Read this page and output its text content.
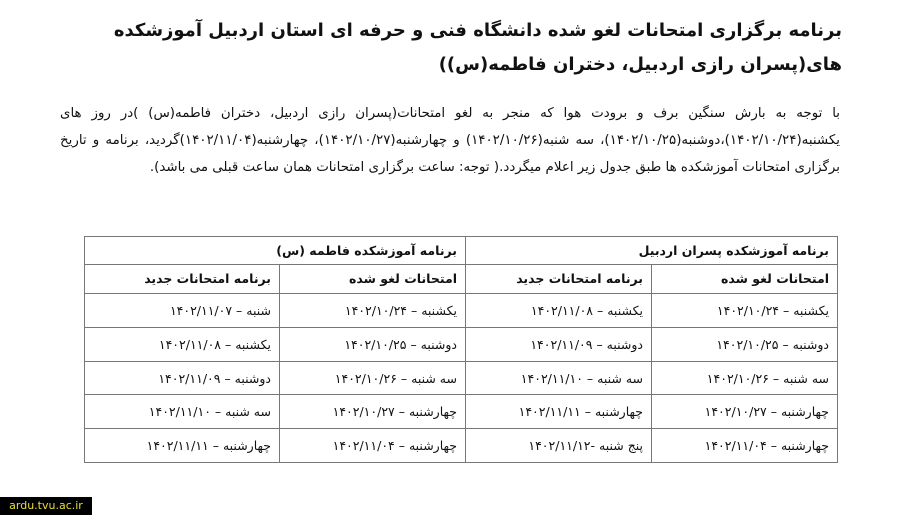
برنامه برگزاری امتحانات لغو شده دانشگاه فنی و حرفه ای استان اردبیل آموزشکده های(پسران رازی اردبیل، دختران فاطمه(س))
با توجه به بارش سنگین برف و برودت هوا که منجر به لغو امتحانات(پسران رازی اردبیل، دختران فاطمه(س) )در روز های یکشنبه(۱۴۰۲/۱۰/۲۴)،دوشنبه(۱۴۰۲/۱۰/۲۵)، سه شنبه(۱۴۰۲/۱۰/۲۶) و چهارشنبه(۱۴۰۲/۱۰/۲۷)، چهارشنبه(۱۴۰۲/۱۱/۰۴)گردید، برنامه و تاریخ برگزاری امتحانات آموزشکده ها طبق جدول زیر اعلام میگردد.( توجه: ساعت برگزاری امتحانات همان ساعت قبلی می باشد).
برنامه آموزشکده پسران اردبیل		برنامه آموزشکده فاطمه (س)	
امتحانات لغو شده	برنامه امتحانات جدید	امتحانات لغو شده	برنامه امتحانات جدید
یکشنبه – ۱۴۰۲/۱۰/۲۴	یکشنبه – ۱۴۰۲/۱۱/۰۸	یکشنبه – ۱۴۰۲/۱۰/۲۴	شنبه – ۱۴۰۲/۱۱/۰۷
دوشنبه – ۱۴۰۲/۱۰/۲۵	دوشنبه – ۱۴۰۲/۱۱/۰۹	دوشنبه – ۱۴۰۲/۱۰/۲۵	یکشنبه – ۱۴۰۲/۱۱/۰۸
سه شنبه – ۱۴۰۲/۱۰/۲۶	سه شنبه – ۱۴۰۲/۱۱/۱۰	سه شنبه – ۱۴۰۲/۱۰/۲۶	دوشنبه – ۱۴۰۲/۱۱/۰۹
چهارشنبه – ۱۴۰۲/۱۰/۲۷	چهارشنبه – ۱۴۰۲/۱۱/۱۱	چهارشنبه – ۱۴۰۲/۱۰/۲۷	سه شنبه – ۱۴۰۲/۱۱/۱۰
چهارشنبه – ۱۴۰۲/۱۱/۰۴	پنج شنبه -۱۴۰۲/۱۱/۱۲	چهارشنبه – ۱۴۰۲/۱۱/۰۴	چهارشنبه – ۱۴۰۲/۱۱/۱۱
ardu.tvu.ac.ir
